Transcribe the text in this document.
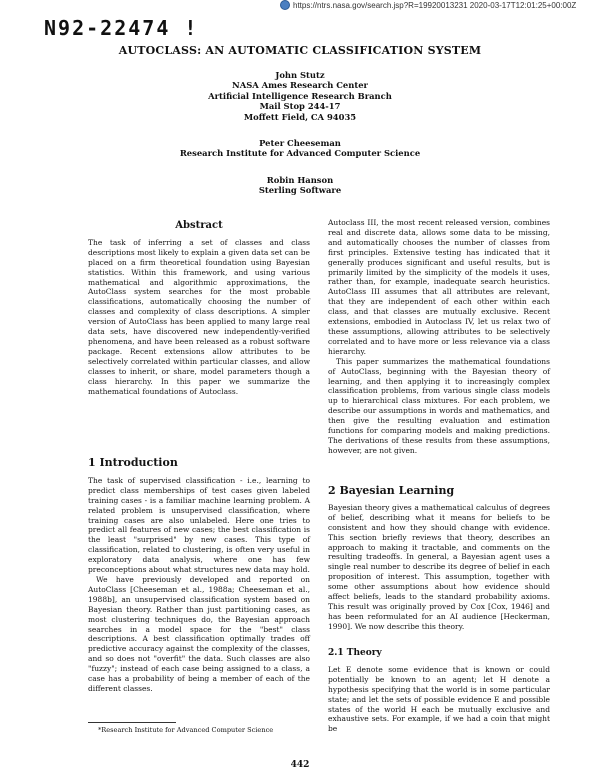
https://ntrs.nasa.gov/search.jsp?R=19920013231 2020-03-17T12:01:25+00:00Z
N92-22474 !
AUTOCLASS: AN AUTOMATIC CLASSIFICATION SYSTEM
John Stutz
NASA Ames Research Center
Artificial Intelligence Research Branch
Mail Stop 244-17
Moffett Field, CA 94035
Peter Cheeseman
Research Institute for Advanced Computer Science
Robin Hanson
Sterling Software
Abstract

The task of inferring a set of classes and class descriptions most likely to explain a given data set can be placed on a firm theoretical foundation using Bayesian statistics. Within this framework, and using various mathematical and algorithmic approximations, the AutoClass system searches for the most probable classifications, automatically choosing the number of classes and complexity of class descriptions. A simpler version of AutoClass has been applied to many large real data sets, have discovered new independently-verified phenomena, and have been released as a robust software package. Recent extensions allow attributes to be selectively correlated within particular classes, and allow classes to inherit, or share, model parameters though a class hierarchy. In this paper we summarize the mathematical foundations of Autoclass.

1 Introduction

The task of supervised classification - i.e., learning to predict class memberships of test cases given labeled training cases - is a familiar machine learning problem. A related problem is unsupervised classification, where training cases are also unlabeled. Here one tries to predict all features of new cases; the best classification is the least "surprised" by new cases. This type of classification, related to clustering, is often very useful in exploratory data analysis, where one has few preconceptions about what structures new data may hold.

We have previously developed and reported on AutoClass [Cheeseman et al., 1988a; Cheeseman et al., 1988b], an unsupervised classification system based on Bayesian theory. Rather than just partitioning cases, as most clustering techniques do, the Bayesian approach searches in a model space for the "best" class descriptions. A best classification optimally trades off predictive accuracy against the complexity of the classes, and so does not "overfit" the data. Such classes are also "fuzzy"; instead of each case being assigned to a class, a case has a probability of being a member of each of the different classes.

*Research Institute for Advanced Computer Science

Autoclass III, the most recent released version, combines real and discrete data, allows some data to be missing, and automatically chooses the number of classes from first principles. Extensive testing has indicated that it generally produces significant and useful results, but is primarily limited by the simplicity of the models it uses, rather than, for example, inadequate search heuristics. AutoClass III assumes that all attributes are relevant, that they are independent of each other within each class, and that classes are mutually exclusive. Recent extensions, embodied in Autoclass IV, let us relax two of these assumptions, allowing attributes to be selectively correlated and to have more or less relevance via a class hierarchy.

This paper summarizes the mathematical foundations of AutoClass, beginning with the Bayesian theory of learning, and then applying it to increasingly complex classification problems, from various single class models up to hierarchical class mixtures. For each problem, we describe our assumptions in words and mathematics, and then give the resulting evaluation and estimation functions for comparing models and making predictions. The derivations of these results from these assumptions, however, are not given.

2 Bayesian Learning

Bayesian theory gives a mathematical calculus of degrees of belief, describing what it means for beliefs to be consistent and how they should change with evidence. This section briefly reviews that theory, describes an approach to making it tractable, and comments on the resulting tradeoffs. In general, a Bayesian agent uses a single real number to describe its degree of belief in each proposition of interest. This assumption, together with some other assumptions about how evidence should affect beliefs, leads to the standard probability axioms. This result was originally proved by Cox [Cox, 1946] and has been reformulated for an AI audience [Heckerman, 1990]. We now describe this theory.

2.1 Theory

Let E denote some evidence that is known or could potentially be known to an agent; let H denote a hypothesis specifying that the world is in some particular state; and let the sets of possible evidence E and possible states of the world H each be mutually exclusive and exhaustive sets. For example, if we had a coin that might be

442
